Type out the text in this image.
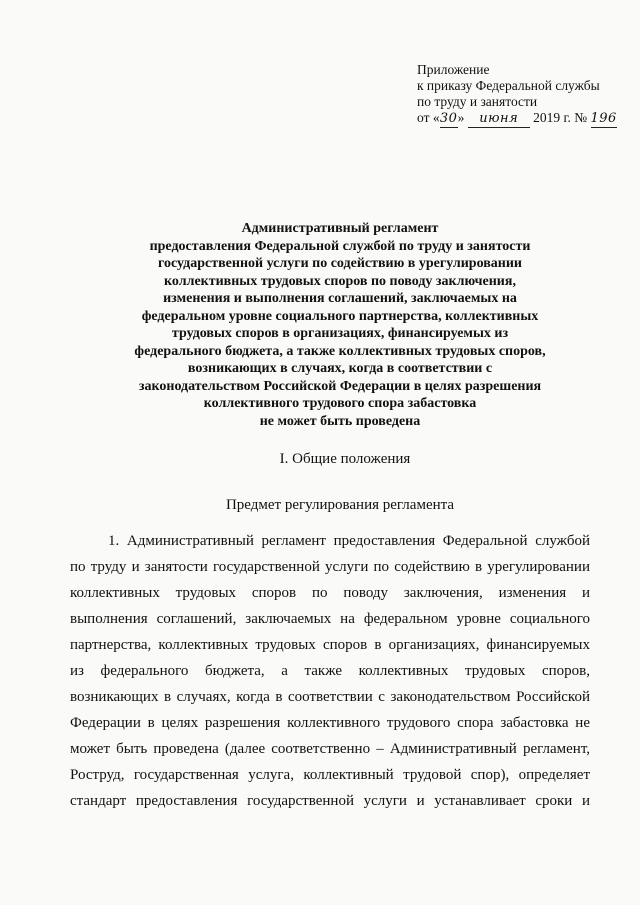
Приложение
к приказу Федеральной службы
по труду и занятости
от «30» июня 2019 г. № 196
Административный регламент
предоставления Федеральной службой по труду и занятости
государственной услуги по содействию в урегулировании
коллективных трудовых споров по поводу заключения,
изменения и выполнения соглашений, заключаемых на
федеральном уровне социального партнерства, коллективных
трудовых споров в организациях, финансируемых из
федерального бюджета, а также коллективных трудовых споров,
возникающих в случаях, когда в соответствии с
законодательством Российской Федерации в целях разрешения
коллективного трудового спора забастовка
не может быть проведена
I. Общие положения
Предмет регулирования регламента
1. Административный регламент предоставления Федеральной службой
по труду и занятости государственной услуги по содействию в урегулировании
коллективных трудовых споров по поводу заключения, изменения и
выполнения соглашений, заключаемых на федеральном уровне социального
партнерства, коллективных трудовых споров в организациях, финансируемых
из федерального бюджета, а также коллективных трудовых споров,
возникающих в случаях, когда в соответствии с законодательством Российской
Федерации в целях разрешения коллективного трудового спора забастовка не
может быть проведена (далее соответственно – Административный регламент,
Роструд, государственная услуга, коллективный трудовой спор), определяет
стандарт предоставления государственной услуги и устанавливает сроки и
